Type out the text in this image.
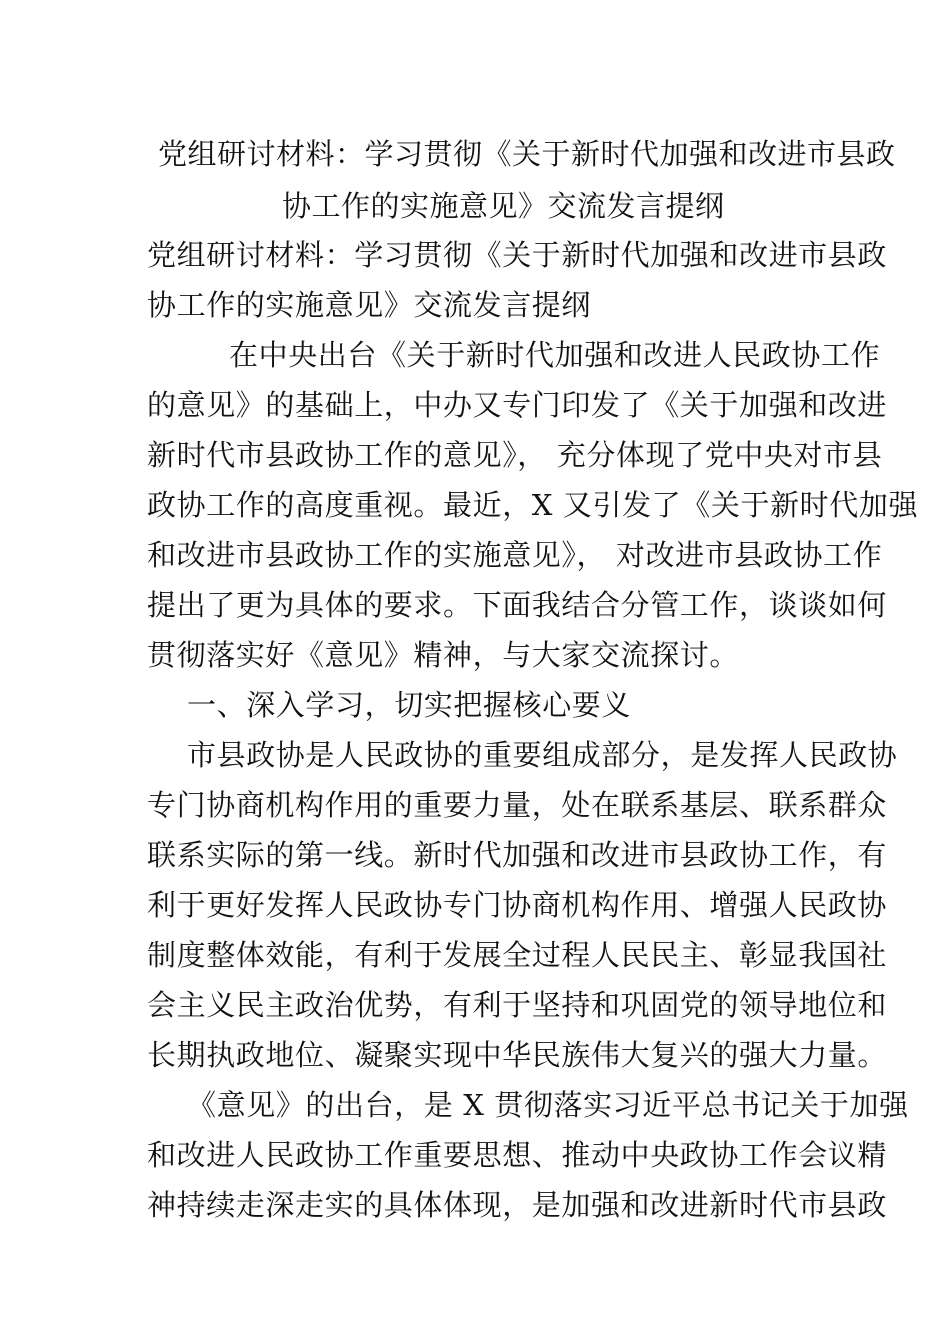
党组研讨材料：学习贯彻《关于新时代加强和改进市县政
协工作的实施意见》交流发言提纲
党组研讨材料：学习贯彻《关于新时代加强和改进市县政
协工作的实施意见》交流发言提纲
在中央出台《关于新时代加强和改进人民政协工作
的意见》的基础上，中办又专门印发了《关于加强和改进
新时代市县政协工作的意见》， 充分体现了党中央对市县
政协工作的高度重视。最近，X 又引发了《关于新时代加强
和改进市县政协工作的实施意见》， 对改进市县政协工作
提出了更为具体的要求。下面我结合分管工作，谈谈如何
贯彻落实好《意见》精神，与大家交流探讨。
一、深入学习，切实把握核心要义
市县政协是人民政协的重要组成部分，是发挥人民政协
专门协商机构作用的重要力量，处在联系基层、联系群众
联系实际的第一线。新时代加强和改进市县政协工作，有
利于更好发挥人民政协专门协商机构作用、增强人民政协
制度整体效能，有利于发展全过程人民民主、彰显我国社
会主义民主政治优势，有利于坚持和巩固党的领导地位和
长期执政地位、凝聚实现中华民族伟大复兴的强大力量。
《意见》的出台，是 X 贯彻落实习近平总书记关于加强
和改进人民政协工作重要思想、推动中央政协工作会议精
神持续走深走实的具体体现，是加强和改进新时代市县政
